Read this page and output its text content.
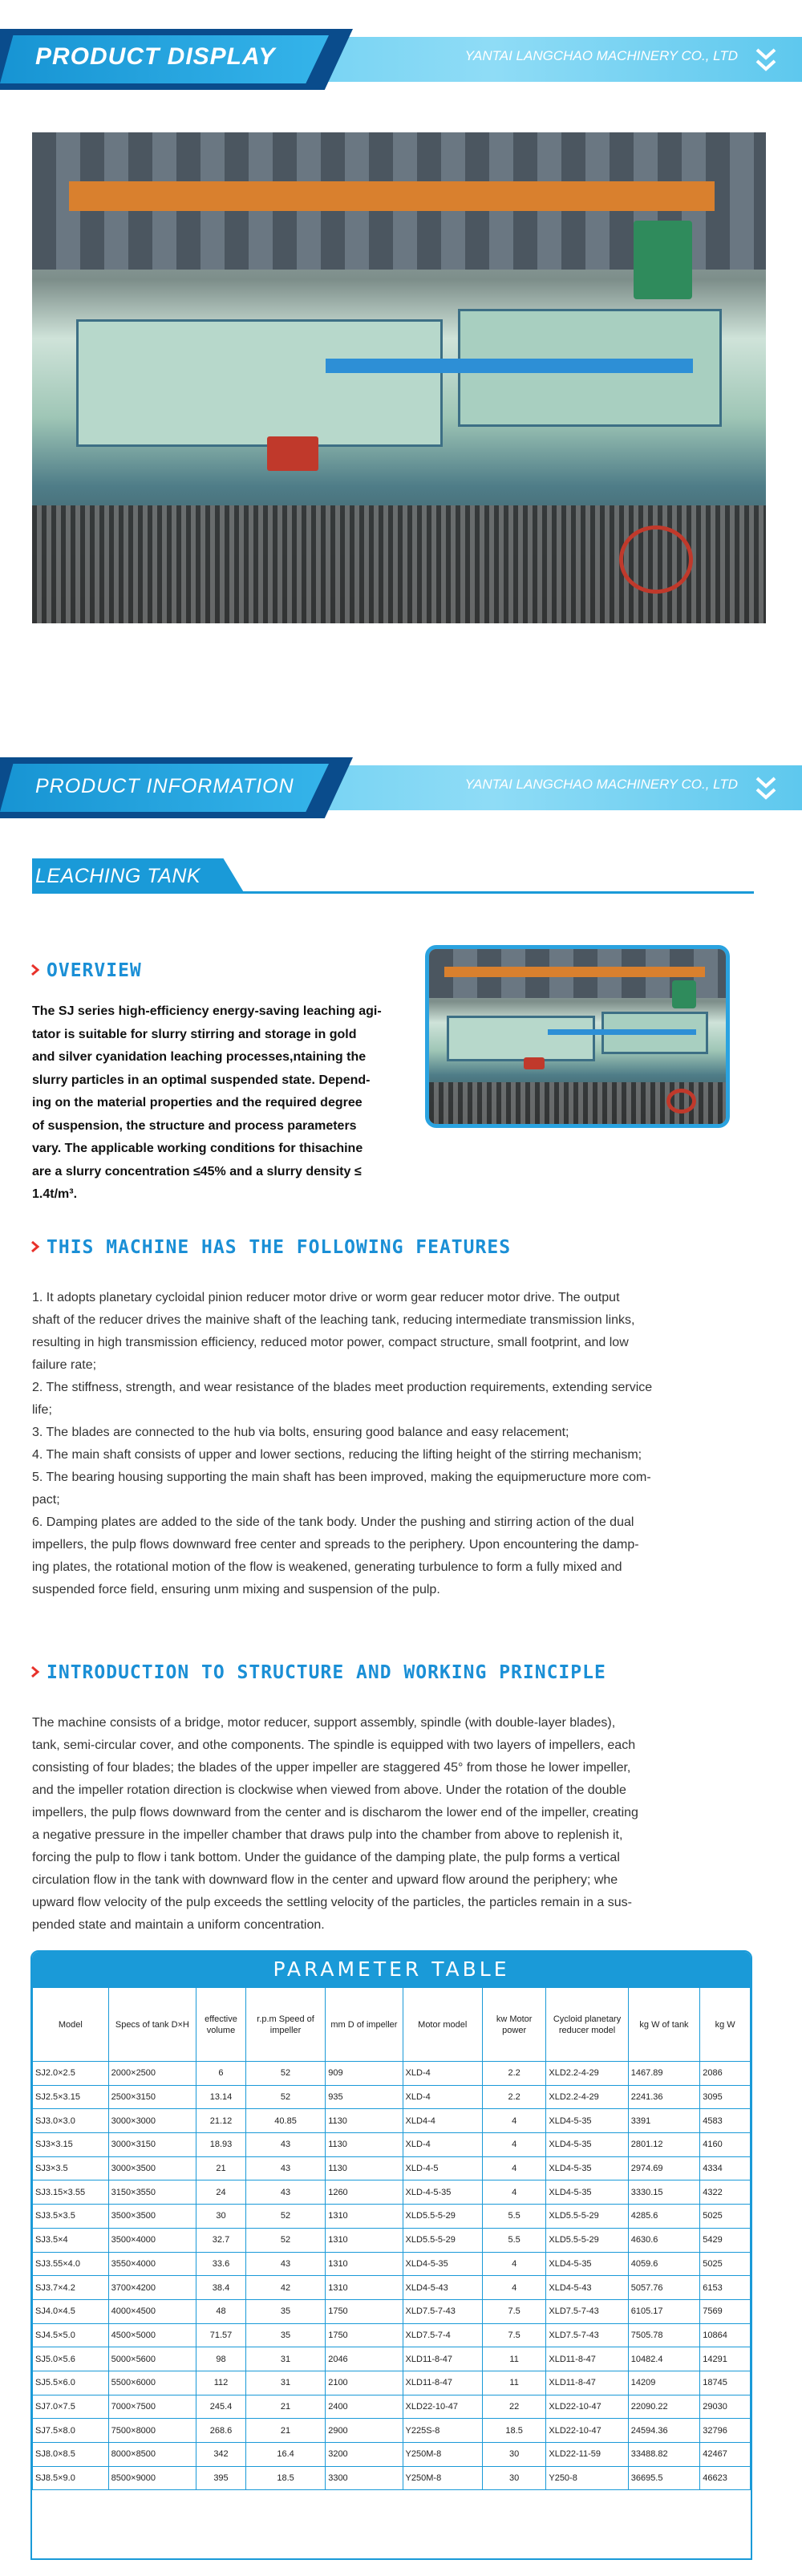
PRODUCT DISPLAY	YANTAI LANGCHAO MACHINERY CO., LTD
PRODUCT INFORMATION	YANTAI LANGCHAO MACHINERY CO., LTD
LEACHING TANK
OVERVIEW

The SJ series high-efficiency energy-saving leaching agi-

tator is suitable for slurry stirring and storage in gold

and silver cyanidation leaching processes,ntaining the

slurry particles in an optimal suspended state. Depend-

ing on the material properties and the required degree

of suspension, the structure and process parameters

vary. The applicable working conditions for thisachine

are a slurry concentration ≤45% and a slurry density ≤

1.4t/m³.

THIS MACHINE HAS THE FOLLOWING FEATURES

1. It adopts planetary cycloidal pinion reducer motor drive or worm gear reducer motor drive. The output

shaft of the reducer drives the mainive shaft of the leaching tank, reducing intermediate transmission links,

resulting in high transmission efficiency, reduced motor power, compact structure, small footprint, and low

failure rate;

2. The stiffness, strength, and wear resistance of the blades meet production requirements, extending service

life;

3. The blades are connected to the hub via bolts, ensuring good balance and easy relacement;

4. The main shaft consists of upper and lower sections, reducing the lifting height of the stirring mechanism;

5. The bearing housing supporting the main shaft has been improved, making the equipmeructure more com-

pact;

6. Damping plates are added to the side of the tank body. Under the pushing and stirring action of the dual

impellers, the pulp flows downward free center and spreads to the periphery. Upon encountering the damp-

ing plates, the rotational motion of the flow is weakened, generating turbulence to form a fully mixed and

suspended force field, ensuring unm mixing and suspension of the pulp.

INTRODUCTION TO STRUCTURE AND WORKING PRINCIPLE

The machine consists of a bridge, motor reducer, support assembly, spindle (with double-layer blades),

tank, semi-circular cover, and othe components. The spindle is equipped with two layers of impellers, each

consisting of four blades; the blades of the upper impeller are staggered 45° from those he lower impeller,

and the impeller rotation direction is clockwise when viewed from above. Under the rotation of the double

impellers, the pulp flows downward from the center and is discharom the lower end of the impeller, creating

a negative pressure in the impeller chamber that draws pulp into the chamber from above to replenish it,

forcing the pulp to flow i tank bottom. Under the guidance of the damping plate, the pulp forms a vertical

circulation flow in the tank with downward flow in the center and upward flow around the periphery; whe

upward flow velocity of the pulp exceeds the settling velocity of the particles, the particles remain in a sus-

pended state and maintain a uniform concentration.

PARAMETER TABLE
Model	Specs of tank D×H	effective volume	r.p.m Speed of impeller	mm D of impeller	Motor model	kw Motor power	Cycloid planetary reducer model	kg W of tank	kg W
SJ2.0×2.5	2000×2500	6	52	909	XLD-4	2.2	XLD2.2-4-29	1467.89	2086
SJ2.5×3.15	2500×3150	13.14	52	935	XLD-4	2.2	XLD2.2-4-29	2241.36	3095
SJ3.0×3.0	3000×3000	21.12	40.85	1130	XLD4-4	4	XLD4-5-35	3391	4583
SJ3×3.15	3000×3150	18.93	43	1130	XLD-4	4	XLD4-5-35	2801.12	4160
SJ3×3.5	3000×3500	21	43	1130	XLD-4-5	4	XLD4-5-35	2974.69	4334
SJ3.15×3.55	3150×3550	24	43	1260	XLD-4-5-35	4	XLD4-5-35	3330.15	4322
SJ3.5×3.5	3500×3500	30	52	1310	XLD5.5-5-29	5.5	XLD5.5-5-29	4285.6	5025
SJ3.5×4	3500×4000	32.7	52	1310	XLD5.5-5-29	5.5	XLD5.5-5-29	4630.6	5429
SJ3.55×4.0	3550×4000	33.6	43	1310	XLD4-5-35	4	XLD4-5-35	4059.6	5025
SJ3.7×4.2	3700×4200	38.4	42	1310	XLD4-5-43	4	XLD4-5-43	5057.76	6153
SJ4.0×4.5	4000×4500	48	35	1750	XLD7.5-7-43	7.5	XLD7.5-7-43	6105.17	7569
SJ4.5×5.0	4500×5000	71.57	35	1750	XLD7.5-7-4	7.5	XLD7.5-7-43	7505.78	10864
SJ5.0×5.6	5000×5600	98	31	2046	XLD11-8-47	11	XLD11-8-47	10482.4	14291
SJ5.5×6.0	5500×6000	112	31	2100	XLD11-8-47	11	XLD11-8-47	14209	18745
SJ7.0×7.5	7000×7500	245.4	21	2400	XLD22-10-47	22	XLD22-10-47	22090.22	29030
SJ7.5×8.0	7500×8000	268.6	21	2900	Y225S-8	18.5	XLD22-10-47	24594.36	32796
SJ8.0×8.5	8000×8500	342	16.4	3200	Y250M-8	30	XLD22-11-59	33488.82	42467
SJ8.5×9.0	8500×9000	395	18.5	3300	Y250M-8	30	Y250-8	36695.5	46623
